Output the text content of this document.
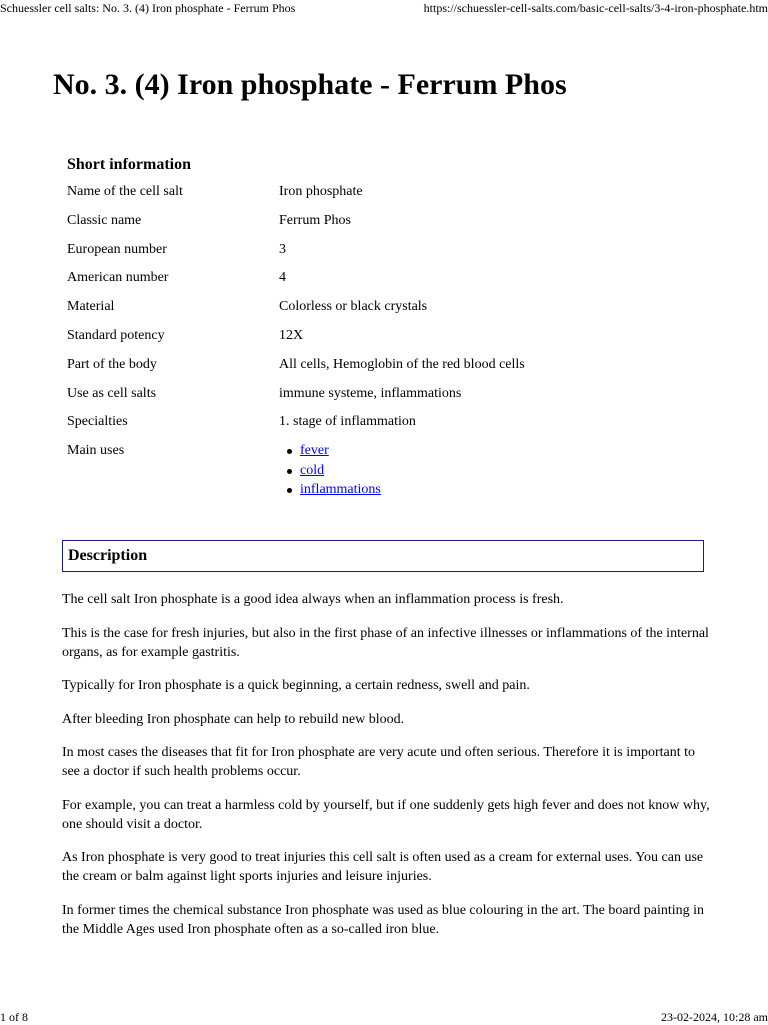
Schuessler cell salts: No. 3. (4) Iron phosphate - Ferrum Phos	https://schuessler-cell-salts.com/basic-cell-salts/3-4-iron-phosphate.htm
No. 3. (4) Iron phosphate - Ferrum Phos
Short information
Name of the cell salt	Iron phosphate
Classic name	Ferrum Phos
European number	3
American number	4
Material	Colorless or black crystals
Standard potency	12X
Part of the body	All cells, Hemoglobin of the red blood cells
Use as cell salts	immune systeme, inflammations
Specialties	1. stage of inflammation
Main uses	fever
cold
inflammations
Description

The cell salt Iron phosphate is a good idea always when an inflammation process is fresh.

This is the case for fresh injuries, but also in the first phase of an infective illnesses or inflammations of the internal organs, as for example gastritis.

Typically for Iron phosphate is a quick beginning, a certain redness, swell and pain.

After bleeding Iron phosphate can help to rebuild new blood.

In most cases the diseases that fit for Iron phosphate are very acute und often serious. Therefore it is important to see a doctor if such health problems occur.

For example, you can treat a harmless cold by yourself, but if one suddenly gets high fever and does not know why, one should visit a doctor.

As Iron phosphate is very good to treat injuries this cell salt is often used as a cream for external uses. You can use the cream or balm against light sports injuries and leisure injuries.

In former times the chemical substance Iron phosphate was used as blue colouring in the art. The board painting in the Middle Ages used Iron phosphate often as a so-called iron blue.

1 of 8	23-02-2024, 10:28 am
